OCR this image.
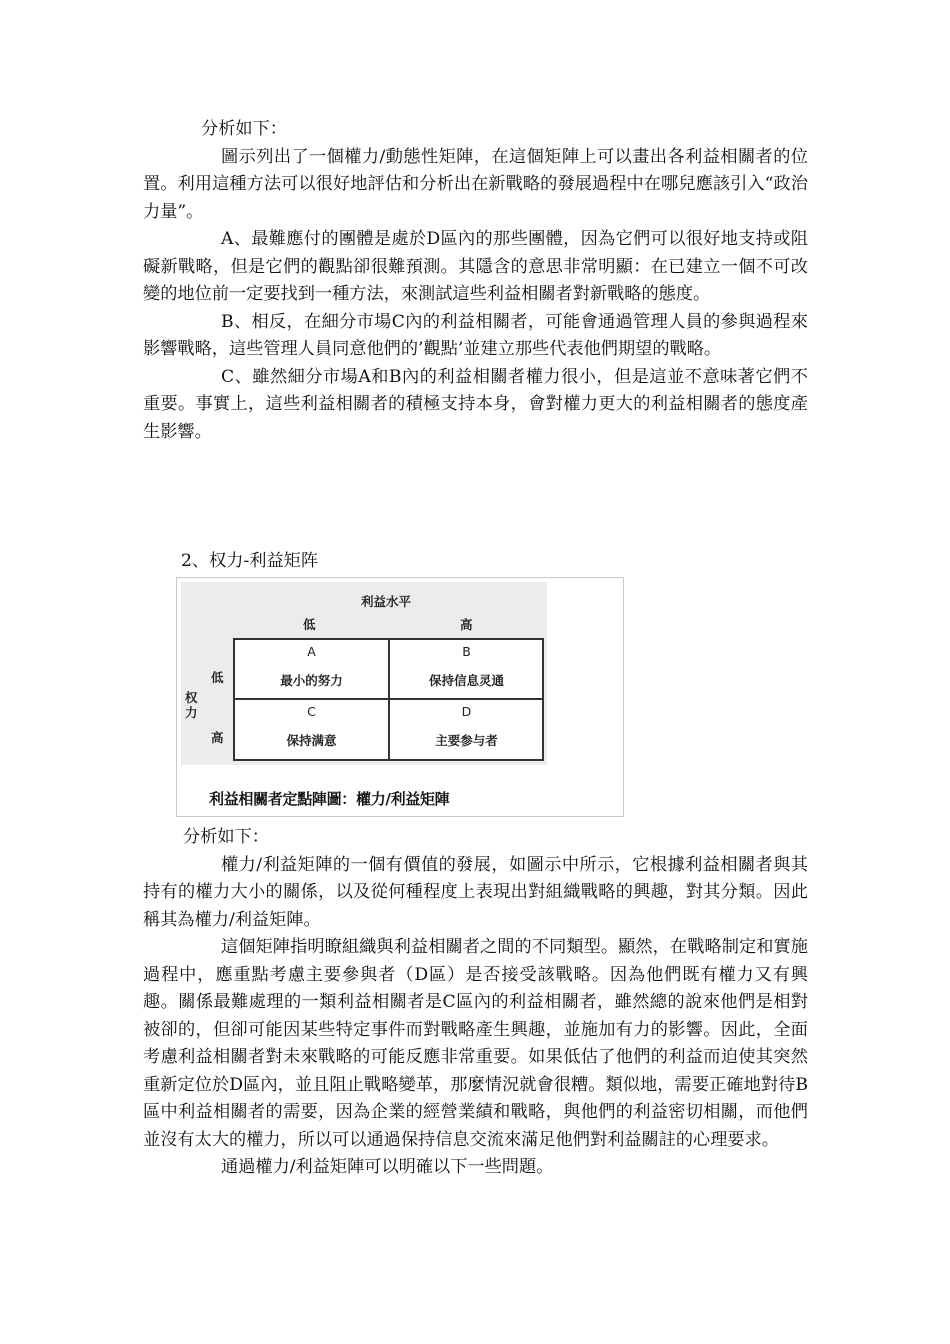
分析如下：

圖示列出了一個權力/動態性矩陣，在這個矩陣上可以畫出各利益相關者的位置。利用這種方法可以很好地評估和分析出在新戰略的發展過程中在哪兒應該引入“政治力量”。

A、最難應付的團體是處於D區內的那些團體，因為它們可以很好地支持或阻礙新戰略，但是它們的觀點卻很難預測。其隱含的意思非常明顯：在已建立一個不可改變的地位前一定要找到一種方法，來測試這些利益相關者對新戰略的態度。

B、相反，在細分市場C內的利益相關者，可能會通過管理人員的參與過程來影響戰略，這些管理人員同意他們的’觀點’並建立那些代表他們期望的戰略。

C、雖然細分市場A和B內的利益相關者權力很小，但是這並不意味著它們不重要。事實上，這些利益相關者的積極支持本身，會對權力更大的利益相關者的態度產生影響。

2、权力-利益矩阵

利益水平
低	高
权力
低
高
A
最小的努力
B
保持信息灵通
C
保持满意
D
主要参与者
利益相關者定點陣圖：權力/利益矩陣

分析如下：

權力/利益矩陣的一個有價值的發展，如圖示中所示，它根據利益相關者與其持有的權力大小的關係，以及從何種程度上表現出對組織戰略的興趣，對其分類。因此稱其為權力/利益矩陣。

這個矩陣指明瞭組織與利益相關者之間的不同類型。顯然，在戰略制定和實施過程中，應重點考慮主要參與者（D區）是否接受該戰略。因為他們既有權力又有興趣。關係最難處理的一類利益相關者是C區內的利益相關者，雖然總的說來他們是相對被卻的，但卻可能因某些特定事件而對戰略產生興趣，並施加有力的影響。因此，全面考慮利益相關者對未來戰略的可能反應非常重要。如果低估了他們的利益而迫使其突然重新定位於D區內，並且阻止戰略變革，那麼情況就會很糟。類似地，需要正確地對待B區中利益相關者的需要，因為企業的經營業績和戰略，與他們的利益密切相關，而他們並沒有太大的權力，所以可以通過保持信息交流來滿足他們對利益關註的心理要求。

通過權力/利益矩陣可以明確以下一些問題。
